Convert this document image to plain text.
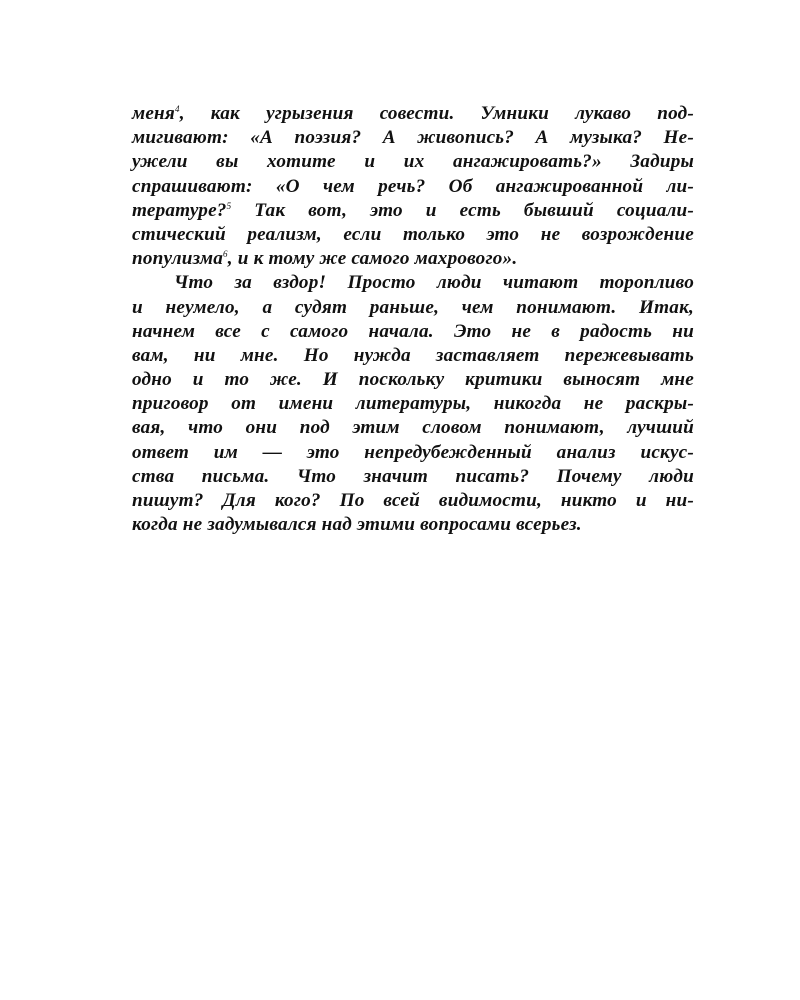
меня$^4$, как угрызения совести. Умники лукаво под-
мигивают: «А поэзия? А живопись? А музыка? Не-
ужели вы хотите и их ангажировать?» Задиры
спрашивают: «О чем речь? Об ангажированной ли-
тературе?$^5$ Так вот, это и есть бывший социали-
стический реализм, если только это не возрождение
популизма$^6$, и к тому же самого махрового».
Что за вздор! Просто люди читают торопливо
и неумело, а судят раньше, чем понимают. Итак,
начнем все с самого начала. Это не в радость ни
вам, ни мне. Но нужда заставляет пережевывать
одно и то же. И поскольку критики выносят мне
приговор от имени литературы, никогда не раскры-
вая, что они под этим словом понимают, лучший
ответ им — это непредубежденный анализ искус-
ства письма. Что значит писать? Почему люди
пишут? Для кого? По всей видимости, никто и ни-
когда не задумывался над этими вопросами всерьез.
